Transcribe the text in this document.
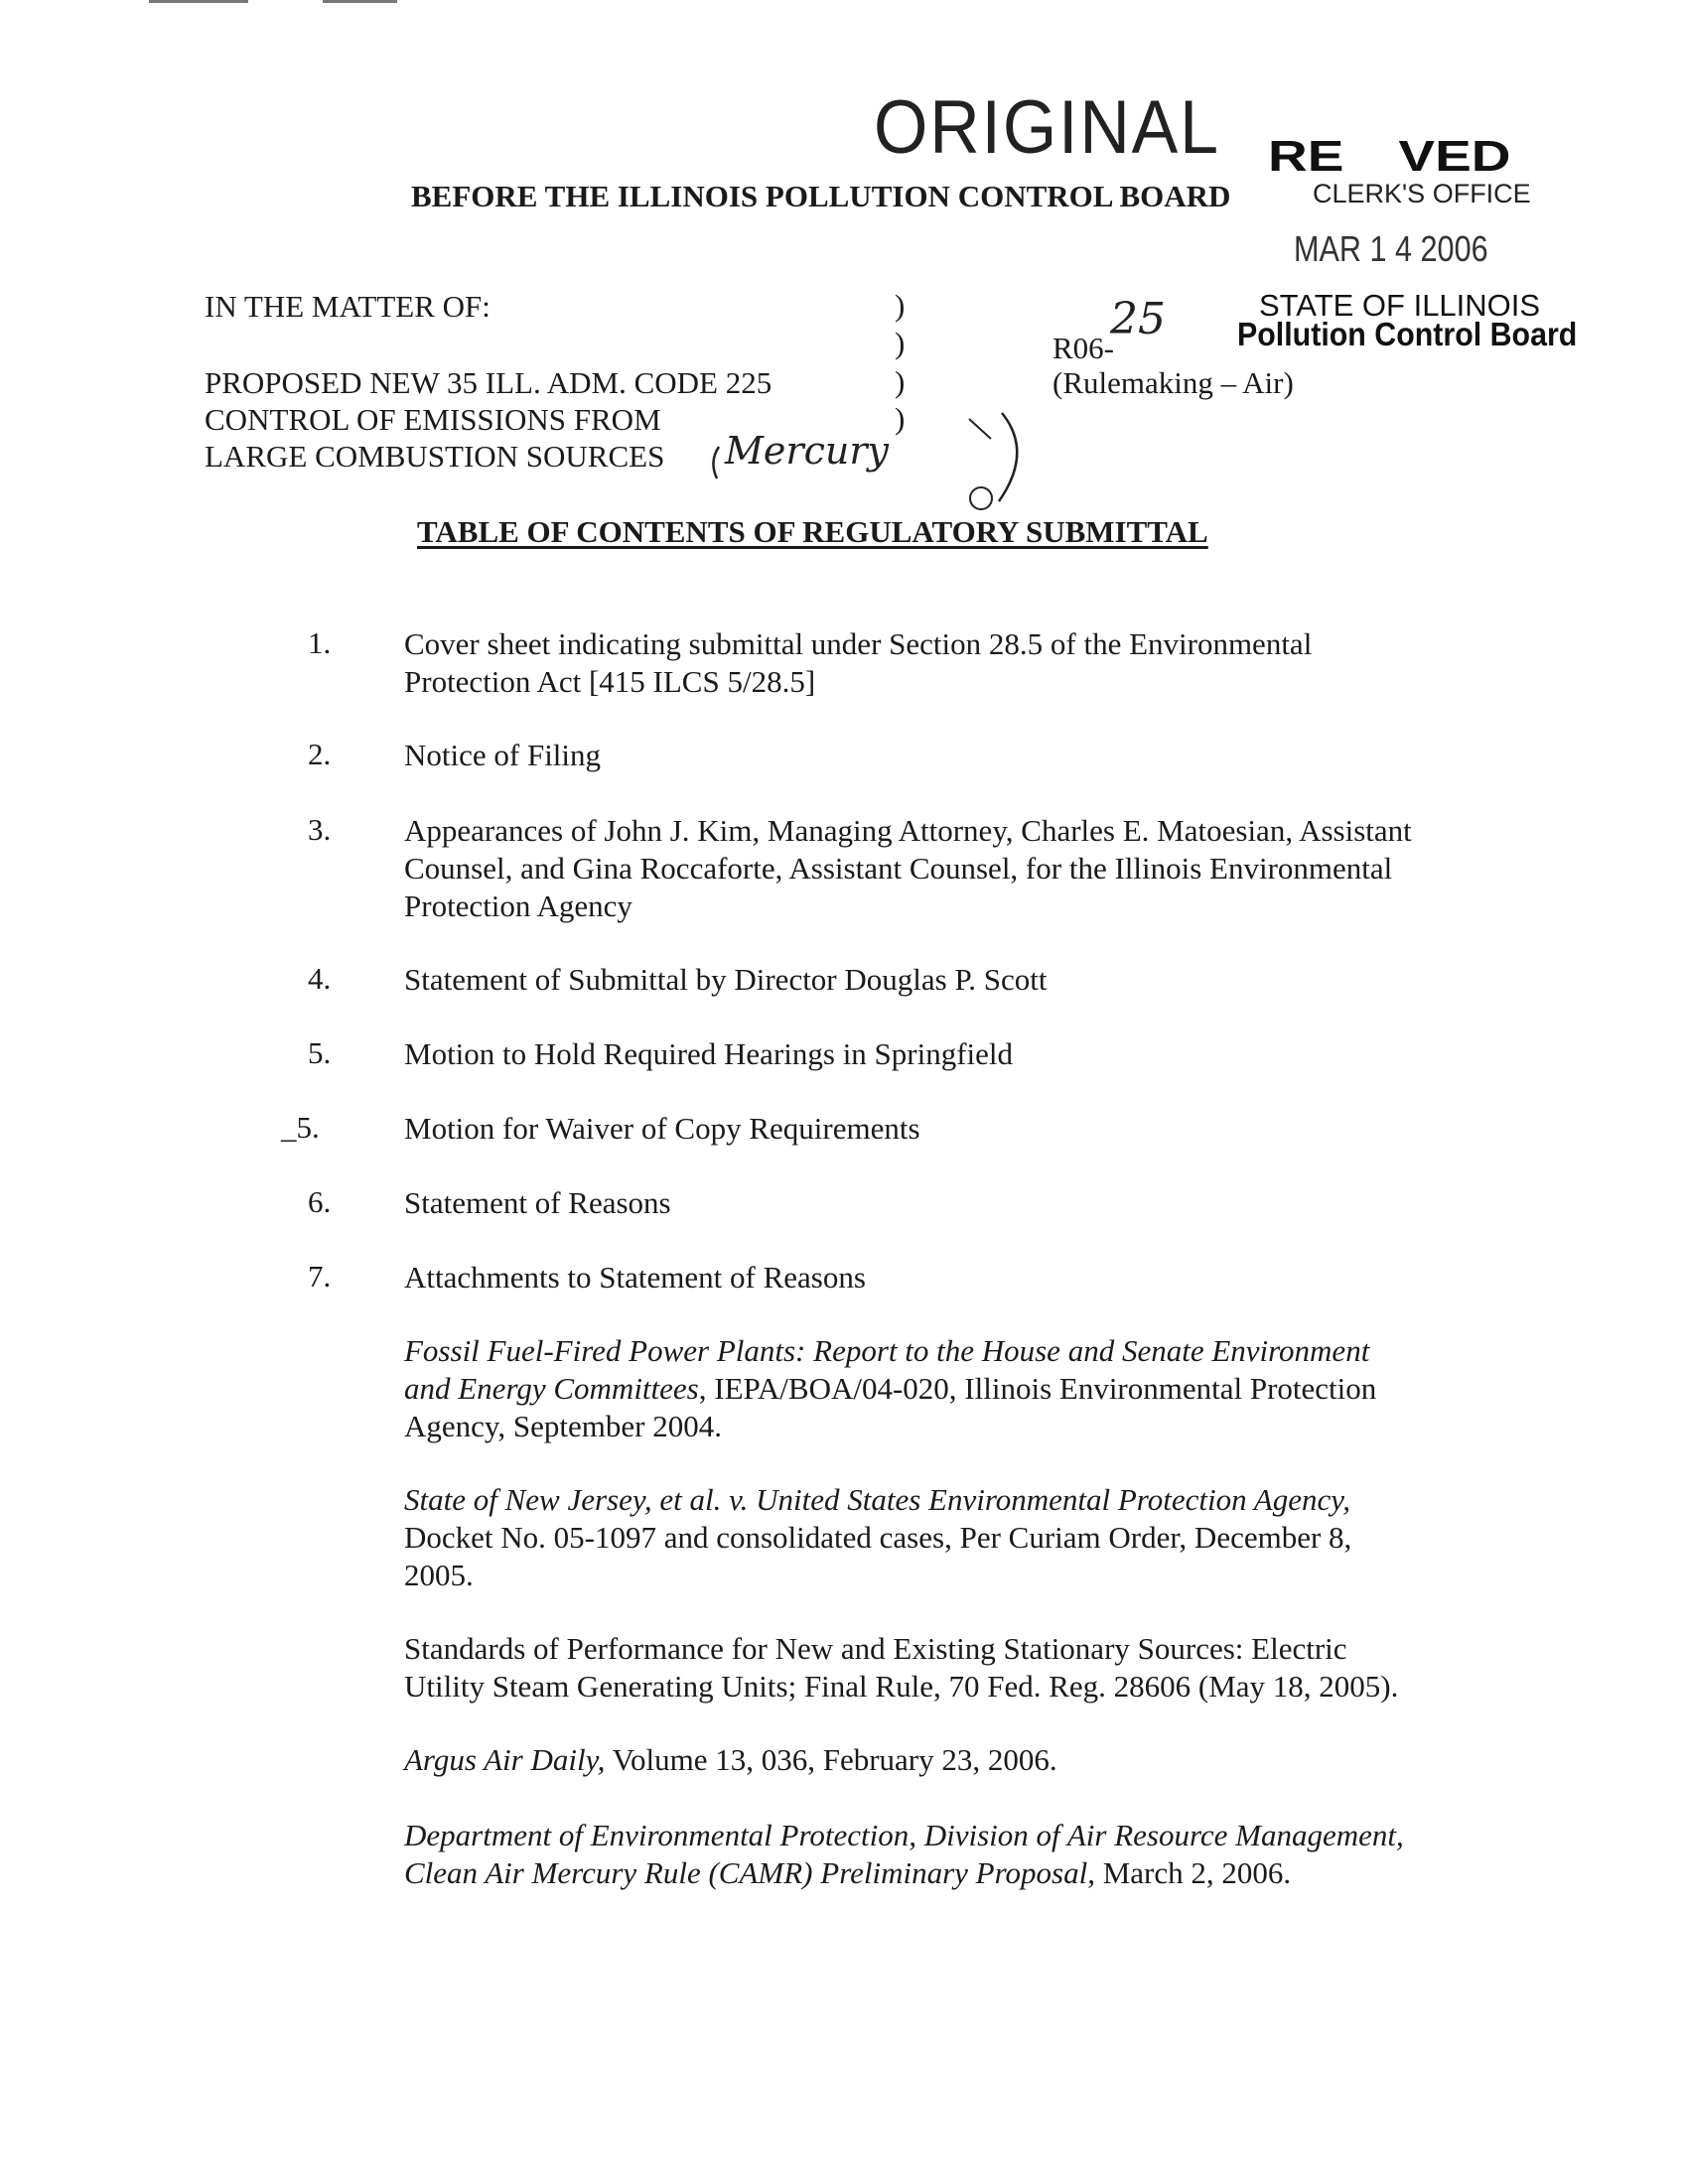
ORIGINAL
BEFORE THE ILLINOIS POLLUTION CONTROL BOARD
RE VED
CLERK'S OFFICE
MAR 1 4 2006
STATE OF ILLINOIS
Pollution Control Board
IN THE MATTER OF:
PROPOSED NEW 35 ILL. ADM. CODE 225
CONTROL OF EMISSIONS FROM
LARGE COMBUSTION SOURCES
)
)
)
)
R06-
25
(Rulemaking – Air)
Mercury
TABLE OF CONTENTS OF REGULATORY SUBMITTAL
1. Cover sheet indicating submittal under Section 28.5 of the Environmental
Protection Act [415 ILCS 5/28.5]
2. Notice of Filing
3. Appearances of John J. Kim, Managing Attorney, Charles E. Matoesian, Assistant
Counsel, and Gina Roccaforte, Assistant Counsel, for the Illinois Environmental
Protection Agency
4. Statement of Submittal by Director Douglas P. Scott
5. Motion to Hold Required Hearings in Springfield
_5.	Motion for Waiver of Copy Requirements
6. Statement of Reasons
7. Attachments to Statement of Reasons
Fossil Fuel-Fired Power Plants: Report to the House and Senate Environment
and Energy Committees, IEPA/BOA/04-020, Illinois Environmental Protection
Agency, September 2004.
State of New Jersey, et al. v. United States Environmental Protection Agency,
Docket No. 05-1097 and consolidated cases, Per Curiam Order, December 8,
2005.
Standards of Performance for New and Existing Stationary Sources: Electric
Utility Steam Generating Units; Final Rule, 70 Fed. Reg. 28606 (May 18, 2005).
Argus Air Daily, Volume 13, 036, February 23, 2006.
Department of Environmental Protection, Division of Air Resource Management,
Clean Air Mercury Rule (CAMR) Preliminary Proposal, March 2, 2006.
